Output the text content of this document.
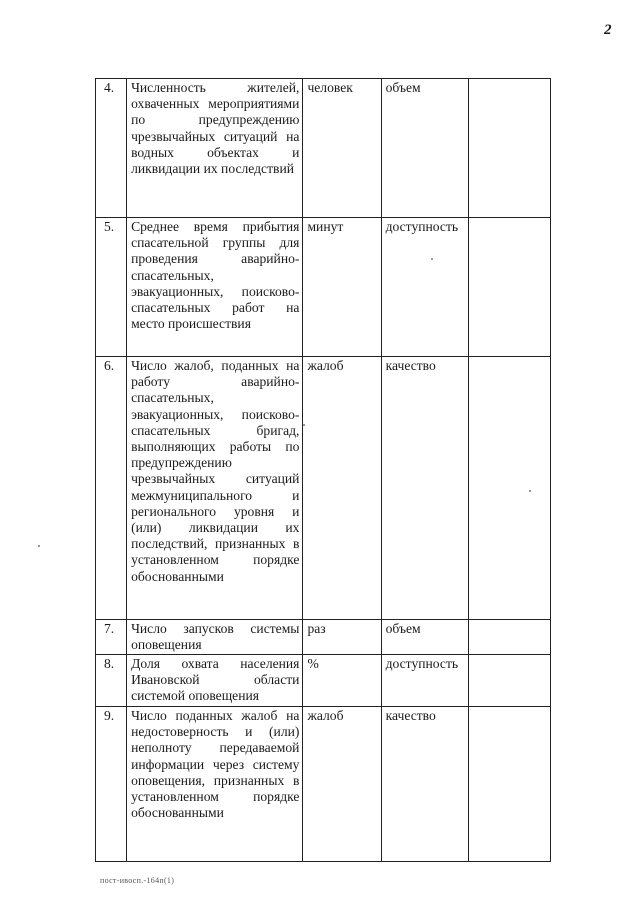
2
4.	Численность жителей, охваченных мероприятиями по предупреждению чрезвычайных ситуаций на водных объектах и ликвидации их последствий	человек	объем	
5.	Среднее время прибытия спасательной группы для проведения аварийно-спасательных, эвакуационных, поисково-спасательных работ на место происшествия	минут	доступность	
6.	Число жалоб, поданных на работу аварийно-спасательных, эвакуационных, поисково-спасательных бригад, выполняющих работы по предупреждению чрезвычайных ситуаций межмуниципального и регионального уровня и (или) ликвидации их последствий, признанных в установленном порядке обоснованными	жалоб	качество	
7.	Число запусков системы оповещения	раз	объем	
8.	Доля охвата населения Ивановской области системой оповещения	%	доступность	
9.	Число поданных жалоб на недостоверность и (или) неполноту передаваемой информации через систему оповещения, признанных в установленном порядке обоснованными	жалоб	качество	
пост-ивосп.-164п(1)
